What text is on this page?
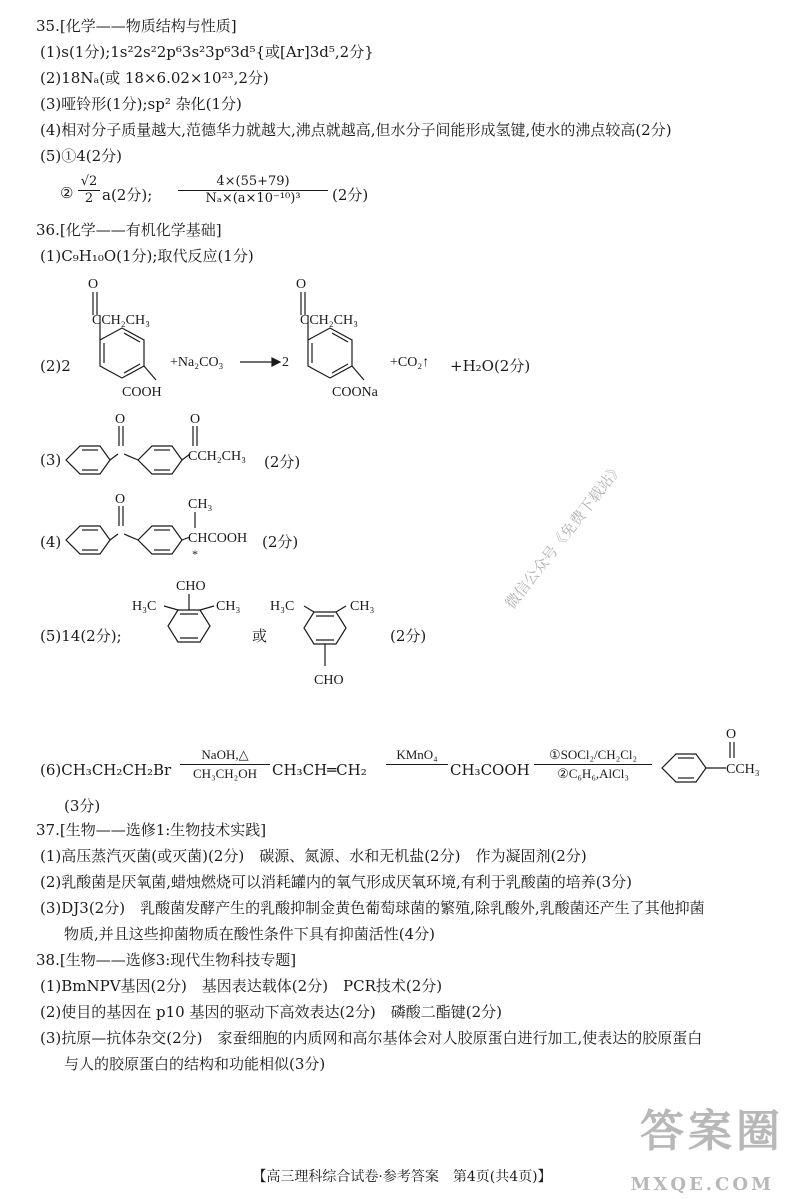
35.[化学——物质结构与性质]
(1)s(1分);1s²2s²2p⁶3s²3p⁶3d⁵{或[Ar]3d⁵,2分}
(2)18Nₐ(或 18×6.02×10²³,2分)
(3)哑铃形(1分);sp² 杂化(1分)
(4)相对分子质量越大,范德华力就越大,沸点就越高,但水分子间能形成氢键,使水的沸点较高(2分)
(5)①4(2分)
② $\frac{√2}{2} a(2$分); $\frac{4\times(55+79)}{\text{Nₐ×(a×10⁻¹⁰)³}} (2$分)
36.[化学——有机化学基础]
(1)C₉H₁₀O(1分);取代反应(1分)
(2)2
O
CCH₂CH₃
COOH
+Na₂CO₃	2
O
CCH₂CH₃
COONa
+CO₂↑ +H₂O(2分)
(3)
O	O
CCH₂CH₃ (2分)
(4)
O	CH₃
CHCOOH
*
(2分)
(5)14(2分);
CHO
H₃C	CH₃ H₃C	CH₃
CHO
或	(2分)
(6)CH₃CH₂CH₂Br
NaOH,△
CH₃CH₂OH	CH₃CH═CH₂
KMnO₄
CH₃COOH
①SOCl₂/CH₂Cl₂
②C₆H₆,AlCl₃
O
CCH₃
(3分)
37.[生物——选修1:生物技术实践]
(1)高压蒸汽灭菌(或灭菌)(2分)　碳源、氮源、水和无机盐(2分)　作为凝固剂(2分)
(2)乳酸菌是厌氧菌,蜡烛燃烧可以消耗罐内的氧气形成厌氧环境,有利于乳酸菌的培养(3分)
(3)DJ3(2分)　乳酸菌发酵产生的乳酸抑制金黄色葡萄球菌的繁殖,除乳酸外,乳酸菌还产生了其他抑菌
物质,并且这些抑菌物质在酸性条件下具有抑菌活性(4分)
38.[生物——选修3:现代生物科技专题]
(1)BmNPV基因(2分)　基因表达载体(2分)　PCR技术(2分)
(2)使目的基因在 p10 基因的驱动下高效表达(2分)　磷酸二酯键(2分)
(3)抗原—抗体杂交(2分)　家蚕细胞的内质网和高尔基体会对人胶原蛋白进行加工,使表达的胶原蛋白
与人的胶原蛋白的结构和功能相似(3分)
微信公众号《免费下载站》
答案圈
MXQE.COM
【高三理科综合试卷·参考答案　第4页(共4页)】
